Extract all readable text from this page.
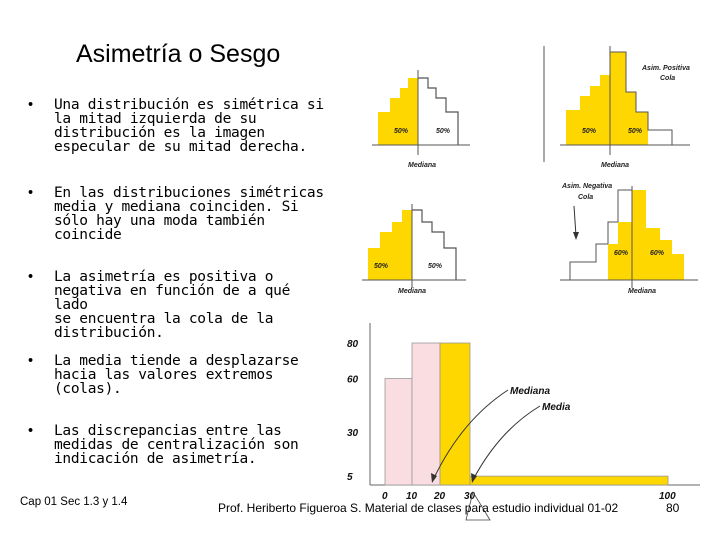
Asimetría o Sesgo
• Una distribución es simétrica si
la mitad izquierda de su
distribución es la imagen
especular de su mitad derecha.
• En las distribuciones simétricas
media y mediana coinciden. Si
sólo hay una moda también
coincide
• La asimetría es positiva o
negativa en función de a qué lado
se encuentra la cola de la
distribución.
• La media tiende a desplazarse
hacia las valores extremos
(colas).
• Las discrepancias entre las
medidas de centralización son
indicación de asimetría.
50%	50%
Mediana
50%	50%
Mediana
Asim. Positiva
Cola
50%	50%
Mediana
60%	60%
Mediana
Asim. Negativa
Cola
5
30
60
80
0 10 20 30	100
Mediana
Media
Cap 01 Sec 1.3 y 1.4	Prof. Heriberto Figueroa S. Material de clases para estudio individual 01-02	80
